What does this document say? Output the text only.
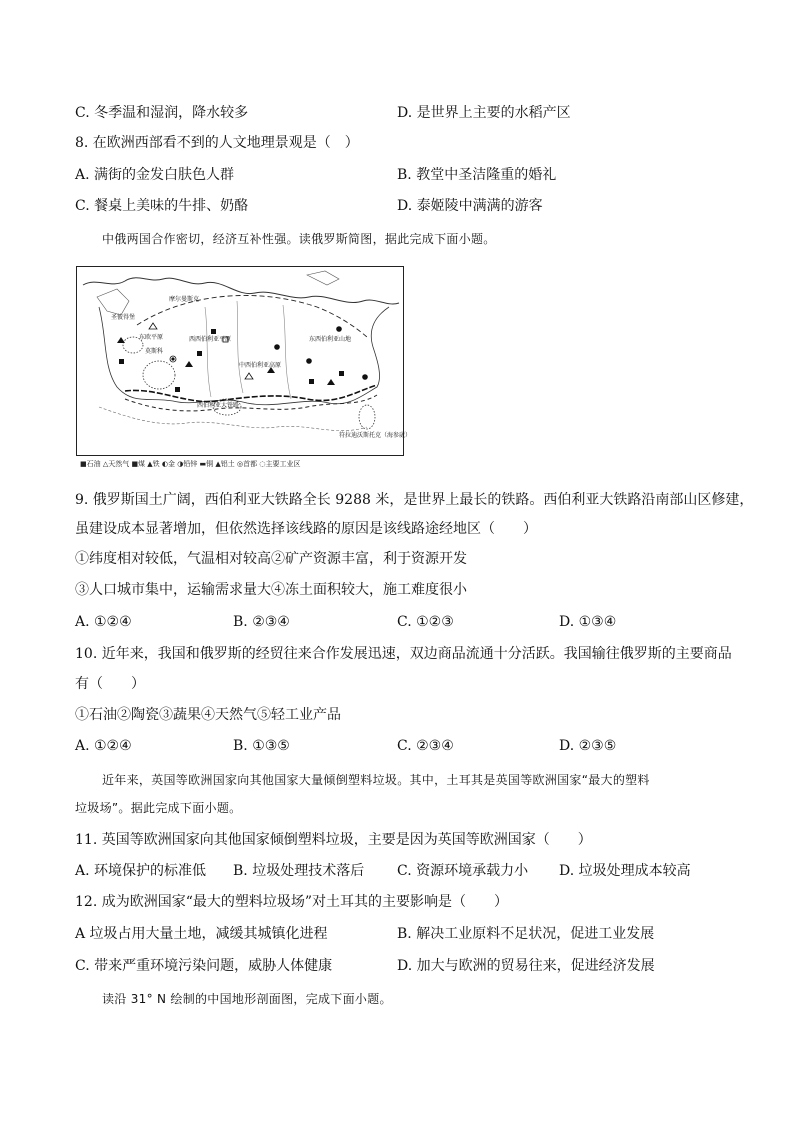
C. 冬季温和湿润，降水较多	D. 是世界上主要的水稻产区
8. 在欧洲西部看不到的人文地理景观是（　）
A. 满街的金发白肤色人群	B. 教堂中圣洁隆重的婚礼
C. 餐桌上美味的牛排、奶酪	D. 泰姬陵中满满的游客
中俄两国合作密切，经济互补性强。读俄罗斯简图，据此完成下面小题。
摩尔曼斯克
圣彼得堡
东欧平原
莫斯科
西西伯利亚平原
中西伯利亚高原
东西伯利亚山地
西伯利亚大铁路
符拉迪沃斯托克（海参崴）
■石油 △天然气 ■煤 ▲铁 ◐金 ◑铅锌 ▬铜 ▲铝土 ◎首都 ◌主要工业区
9. 俄罗斯国土广阔，西伯利亚大铁路全长 9288 米，是世界上最长的铁路。西伯利亚大铁路沿南部山区修建，
虽建设成本显著增加，但依然选择该线路的原因是该线路途经地区（　　）
①纬度相对较低，气温相对较高②矿产资源丰富，利于资源开发
③人口城市集中，运输需求量大④冻土面积较大，施工难度很小
A. ①②④	B. ②③④	C. ①②③	D. ①③④
10. 近年来，我国和俄罗斯的经贸往来合作发展迅速，双边商品流通十分活跃。我国输往俄罗斯的主要商品
有（　　）
①石油②陶瓷③蔬果④天然气⑤轻工业产品
A. ①②④	B. ①③⑤	C. ②③④	D. ②③⑤
近年来，英国等欧洲国家向其他国家大量倾倒塑料垃圾。其中，土耳其是英国等欧洲国家“最大的塑料
垃圾场”。据此完成下面小题。
11. 英国等欧洲国家向其他国家倾倒塑料垃圾，主要是因为英国等欧洲国家（　　）
A. 环境保护的标准低 B. 垃圾处理技术落后 C. 资源环境承载力小 D. 垃圾处理成本较高
12. 成为欧洲国家“最大的塑料垃圾场”对土耳其的主要影响是（　　）
A 垃圾占用大量土地，减缓其城镇化进程	B. 解决工业原料不足状况，促进工业发展
C. 带来严重环境污染问题，威胁人体健康	D. 加大与欧洲的贸易往来，促进经济发展
读沿 31° N 绘制的中国地形剖面图，完成下面小题。
